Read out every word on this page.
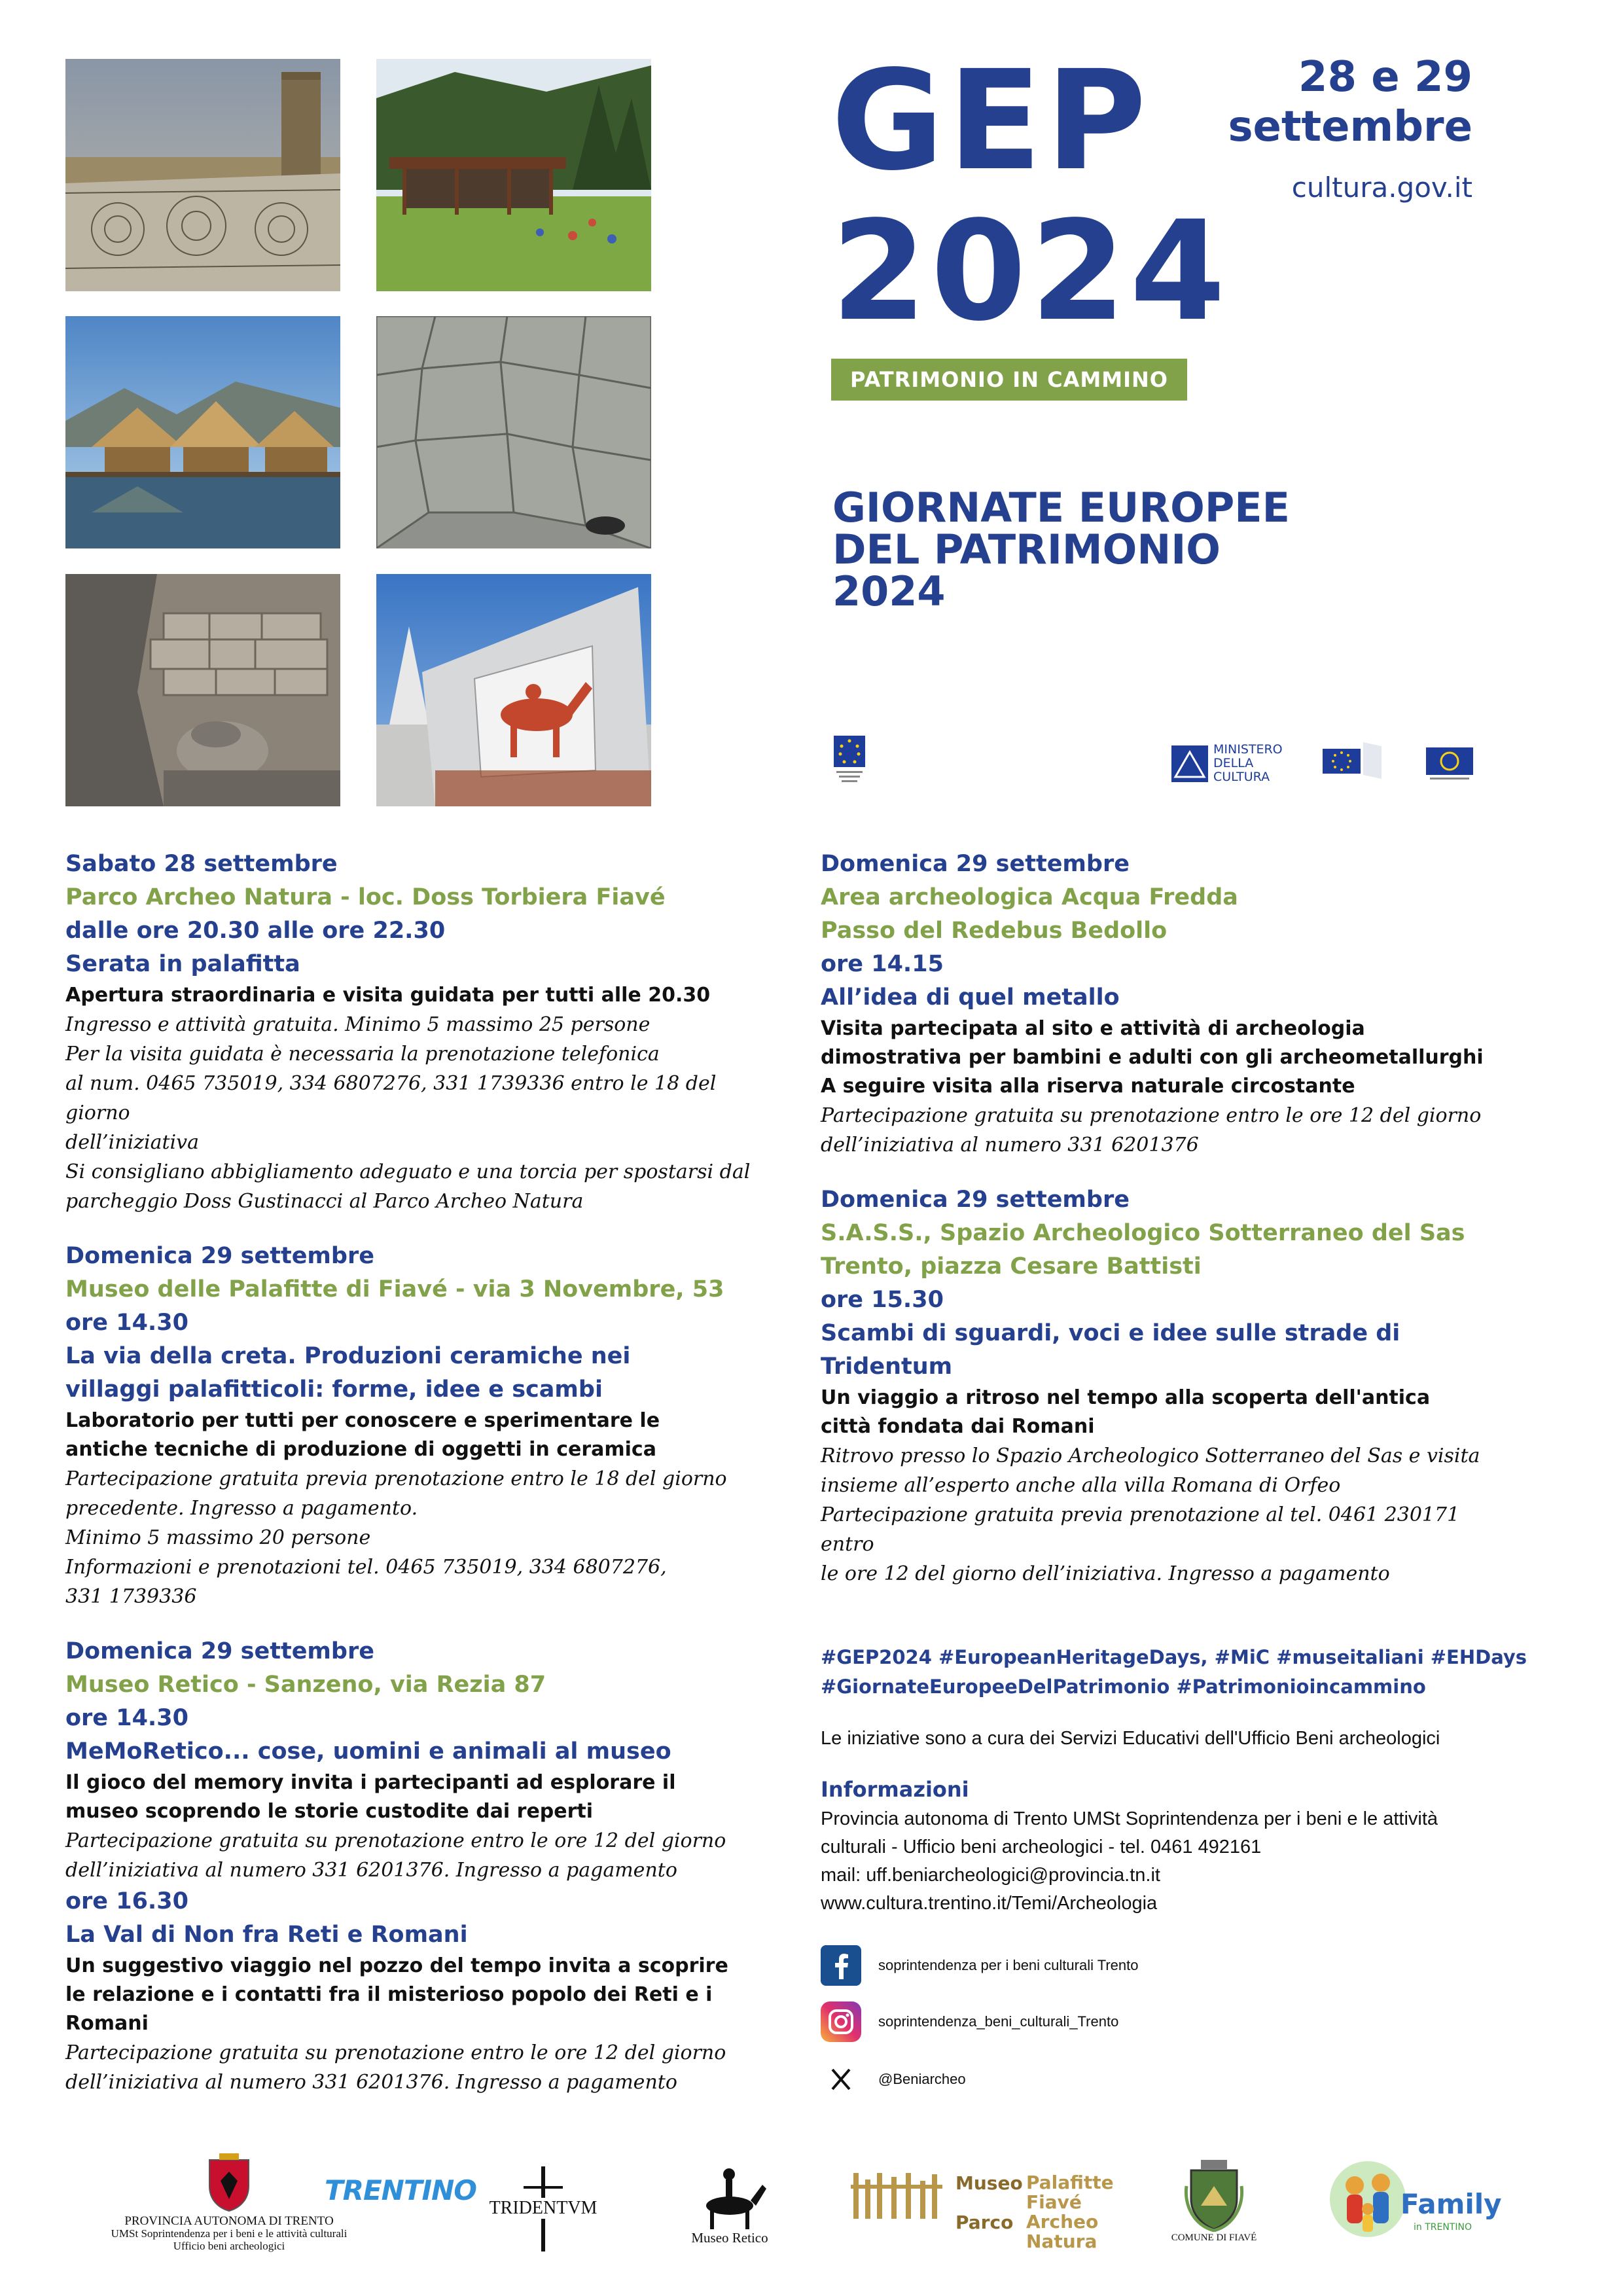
GEP
2024
28 e 29
settembre
cultura.gov.it
PATRIMONIO IN CAMMINO
GIORNATE EUROPEE
DEL PATRIMONIO
2024
MINISTERO
DELLA
CULTURA
Sabato 28 settembre
Parco Archeo Natura - loc. Doss Torbiera Fiavé
dalle ore 20.30 alle ore 22.30
Serata in palafitta
Apertura straordinaria e visita guidata per tutti alle 20.30
Ingresso e attività gratuita. Minimo 5 massimo 25 persone
Per la visita guidata è necessaria la prenotazione telefonica
al num. 0465 735019, 334 6807276, 331 1739336 entro le 18 del giorno
dell’iniziativa
Si consigliano abbigliamento adeguato e una torcia per spostarsi dal
parcheggio Doss Gustinacci al Parco Archeo Natura
Domenica 29 settembre
Museo delle Palafitte di Fiavé - via 3 Novembre, 53
ore 14.30
La via della creta. Produzioni ceramiche nei villaggi palafitticoli: forme, idee e scambi
Laboratorio per tutti per conoscere e sperimentare le antiche tecniche di produzione di oggetti in ceramica
Partecipazione gratuita previa prenotazione entro le 18 del giorno
precedente. Ingresso a pagamento.
Minimo 5 massimo 20 persone
Informazioni e prenotazioni tel. 0465 735019, 334 6807276,
331 1739336
Domenica 29 settembre
Museo Retico - Sanzeno, via Rezia 87
ore 14.30
MeMoRetico... cose, uomini e animali al museo
Il gioco del memory invita i partecipanti ad esplorare il museo scoprendo le storie custodite dai reperti
Partecipazione gratuita su prenotazione entro le ore 12 del giorno
dell’iniziativa al numero 331 6201376. Ingresso a pagamento
ore 16.30
La Val di Non fra Reti e Romani
Un suggestivo viaggio nel pozzo del tempo invita a scoprire le relazione e i contatti fra il misterioso popolo dei Reti e i Romani
Partecipazione gratuita su prenotazione entro le ore 12 del giorno
dell’iniziativa al numero 331 6201376. Ingresso a pagamento
Domenica 29 settembre
Area archeologica Acqua Fredda
Passo del Redebus Bedollo
ore 14.15
All’idea di quel metallo
Visita partecipata al sito e attività di archeologia dimostrativa per bambini e adulti con gli archeometallurghi
A seguire visita alla riserva naturale circostante
Partecipazione gratuita su prenotazione entro le ore 12 del giorno
dell’iniziativa al numero 331 6201376
Domenica 29 settembre
S.A.S.S., Spazio Archeologico Sotterraneo del Sas
Trento, piazza Cesare Battisti
ore 15.30
Scambi di sguardi, voci e idee sulle strade di Tridentum
Un viaggio a ritroso nel tempo alla scoperta dell'antica città fondata dai Romani
Ritrovo presso lo Spazio Archeologico Sotterraneo del Sas e visita
insieme all’esperto anche alla villa Romana di Orfeo
Partecipazione gratuita previa prenotazione al tel. 0461 230171 entro
le ore 12 del giorno dell’iniziativa. Ingresso a pagamento
#GEP2024 #EuropeanHeritageDays, #MiC #museitaliani #EHDays
#GiornateEuropeeDelPatrimonio #Patrimonioincammino
Le iniziative sono a cura dei Servizi Educativi dell'Ufficio Beni archeologici
Informazioni
Provincia autonoma di Trento UMSt Soprintendenza per i beni e le attività
culturali - Ufficio beni archeologici - tel. 0461 492161
mail: uff.beniarcheologici@provincia.tn.it
www.cultura.trentino.it/Temi/Archeologia
soprintendenza per i beni culturali Trento
soprintendenza_beni_culturali_Trento
@Beniarcheo
PROVINCIA AUTONOMA DI TRENTO
UMSt Soprintendenza per i beni e le attività culturali
Ufficio beni archeologici
TRENTINO
TRIDENTVM
Museo Retico
Museo
Parco
Palafitte
Fiavé
Archeo
Natura	COMUNE DI FIAVÉ
Family
in TRENTINO
